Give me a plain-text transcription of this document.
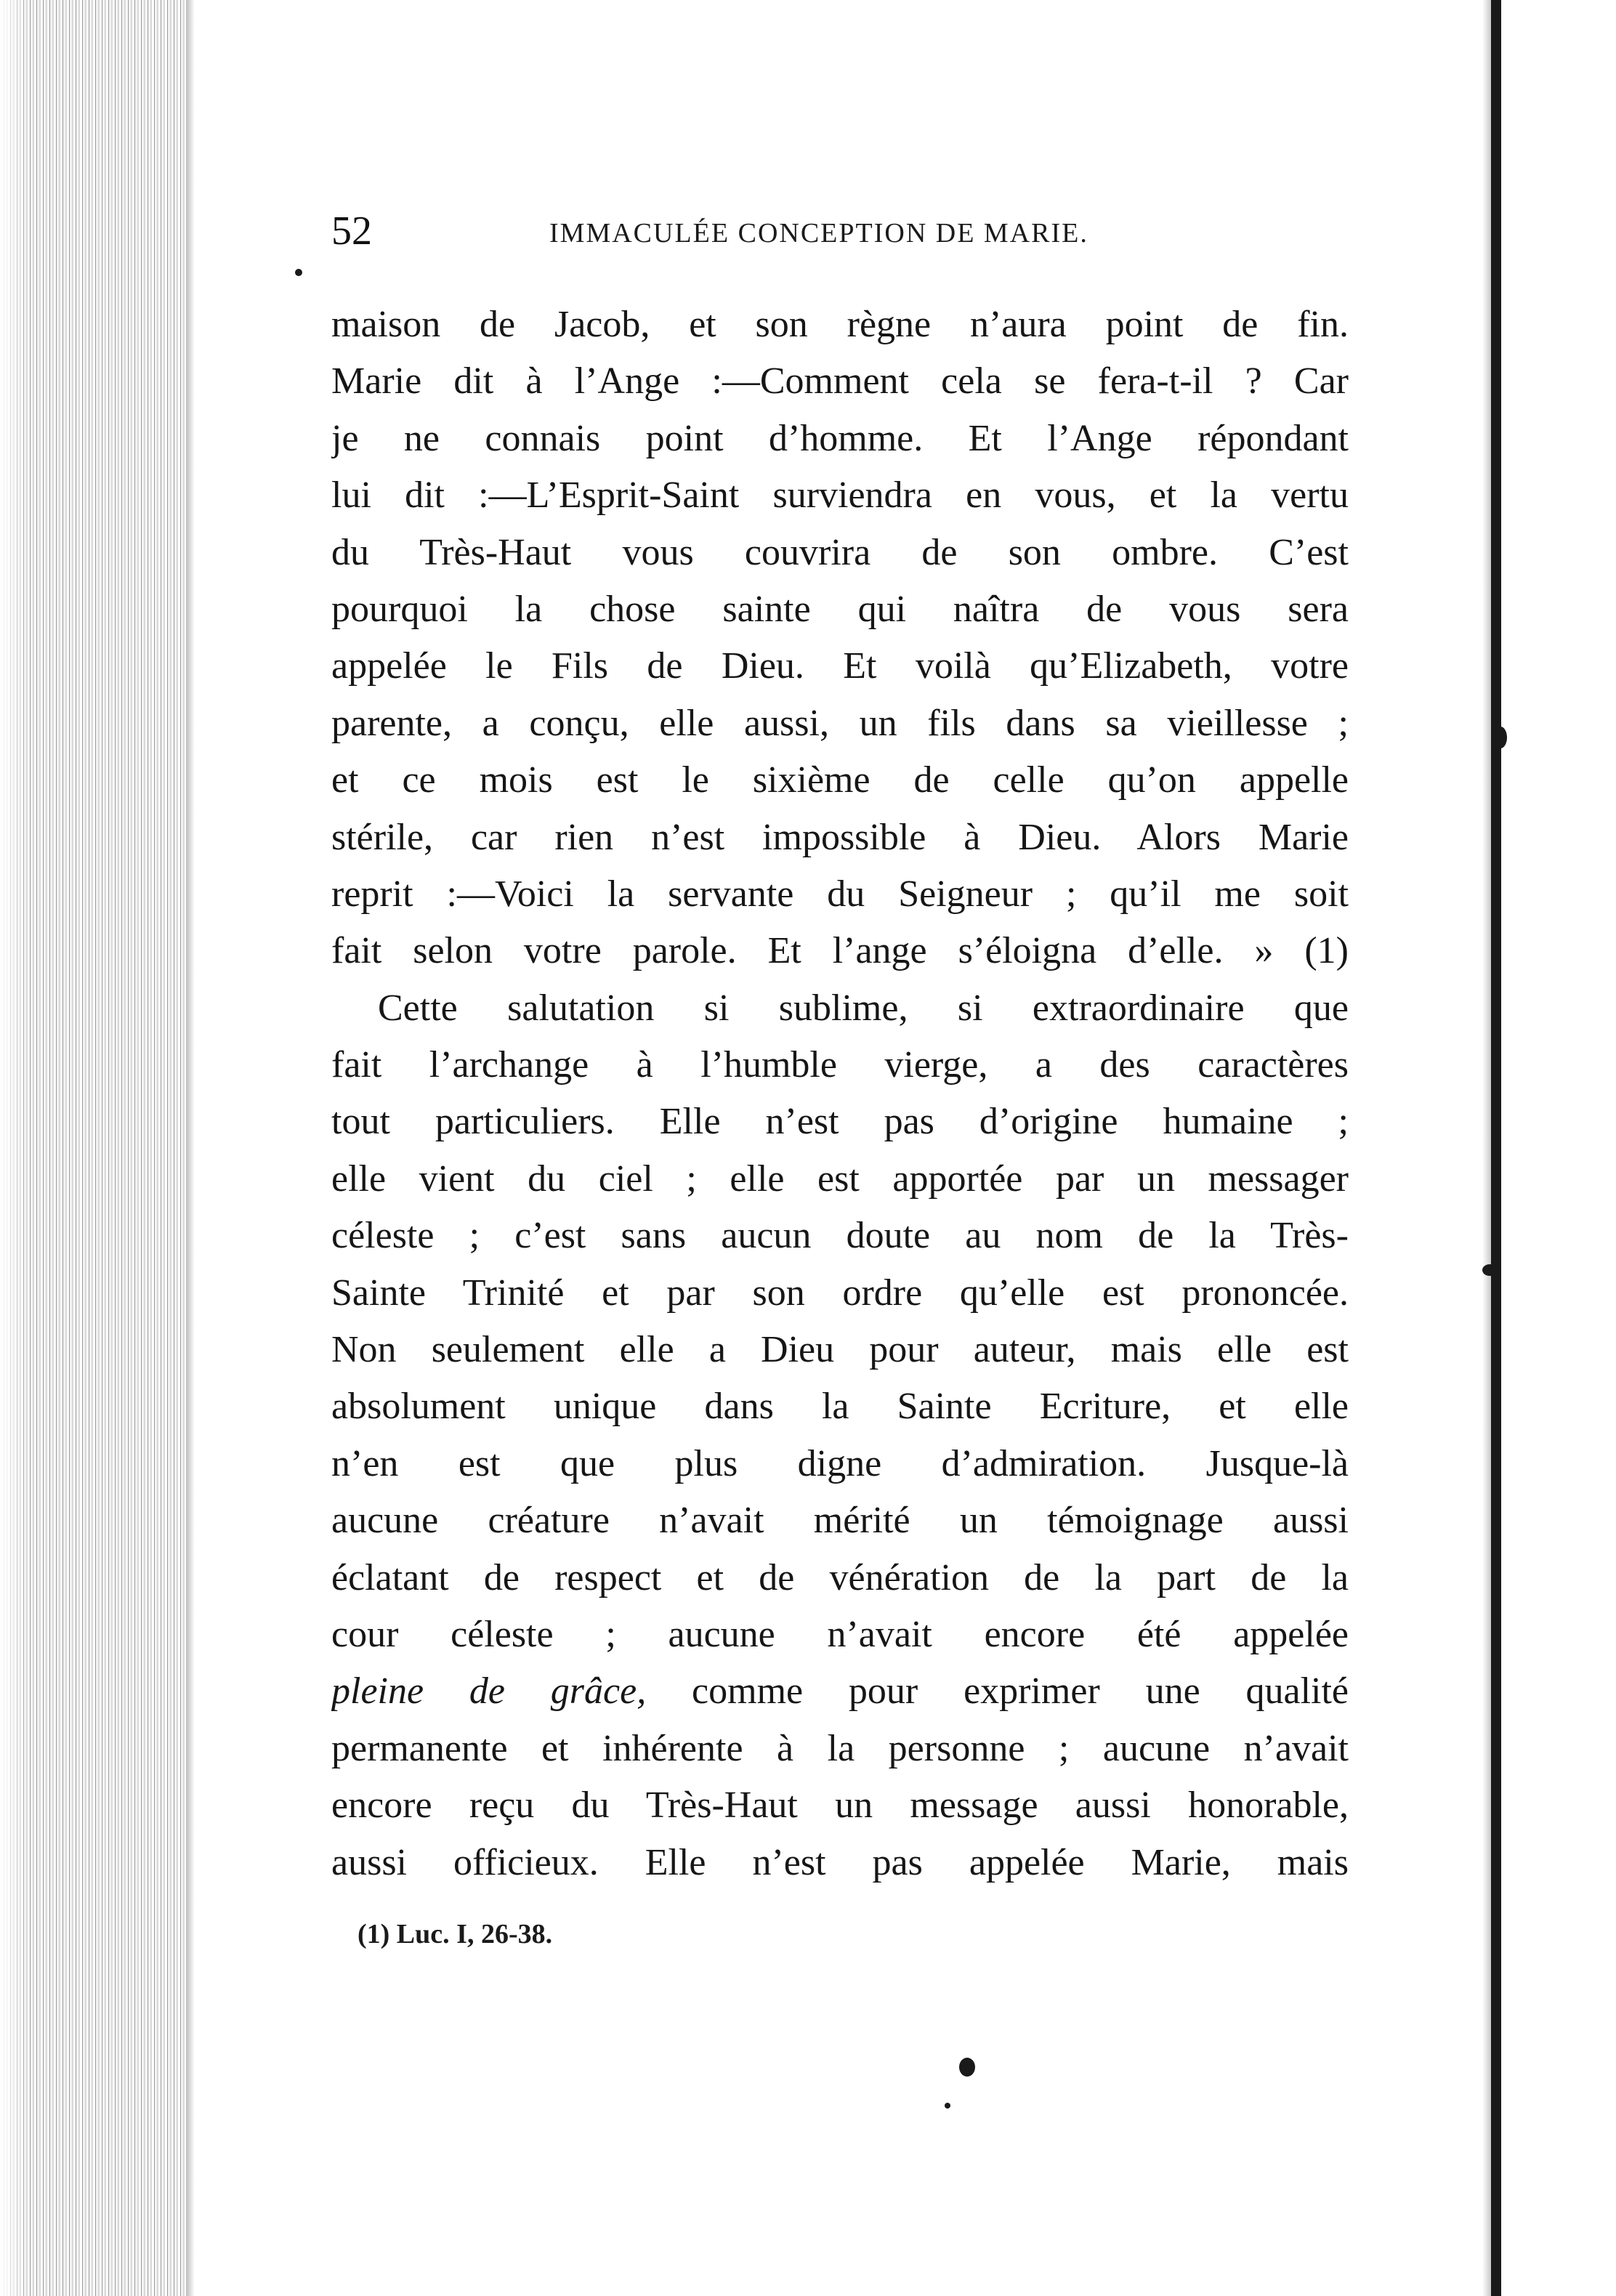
52	IMMACULÉE CONCEPTION DE MARIE.
maison de Jacob, et son règne n’aura point de fin.
Marie dit à l’Ange :—Comment cela se fera-t-il ? Car
je ne connais point d’homme. Et l’Ange répondant
lui dit :—L’Esprit-Saint surviendra en vous, et la vertu
du Très-Haut vous couvrira de son ombre. C’est
pourquoi la chose sainte qui naîtra de vous sera
appelée le Fils de Dieu. Et voilà qu’Elizabeth, votre
parente, a conçu, elle aussi, un fils dans sa vieillesse ;
et ce mois est le sixième de celle qu’on appelle
stérile, car rien n’est impossible à Dieu. Alors Marie
reprit :—Voici la servante du Seigneur ; qu’il me soit
fait selon votre parole. Et l’ange s’éloigna d’elle. » (1)
Cette salutation si sublime, si extraordinaire que
fait l’archange à l’humble vierge, a des caractères
tout particuliers. Elle n’est pas d’origine humaine ;
elle vient du ciel ; elle est apportée par un messager
céleste ; c’est sans aucun doute au nom de la Très-
Sainte Trinité et par son ordre qu’elle est prononcée.
Non seulement elle a Dieu pour auteur, mais elle est
absolument unique dans la Sainte Ecriture, et elle
n’en est que plus digne d’admiration. Jusque-là
aucune créature n’avait mérité un témoignage aussi
éclatant de respect et de vénération de la part de la
cour céleste ; aucune n’avait encore été appelée
pleine de grâce, comme pour exprimer une qualité
permanente et inhérente à la personne ; aucune n’avait
encore reçu du Très-Haut un message aussi honorable,
aussi officieux. Elle n’est pas appelée Marie, mais
(1) Luc. I, 26-38.
